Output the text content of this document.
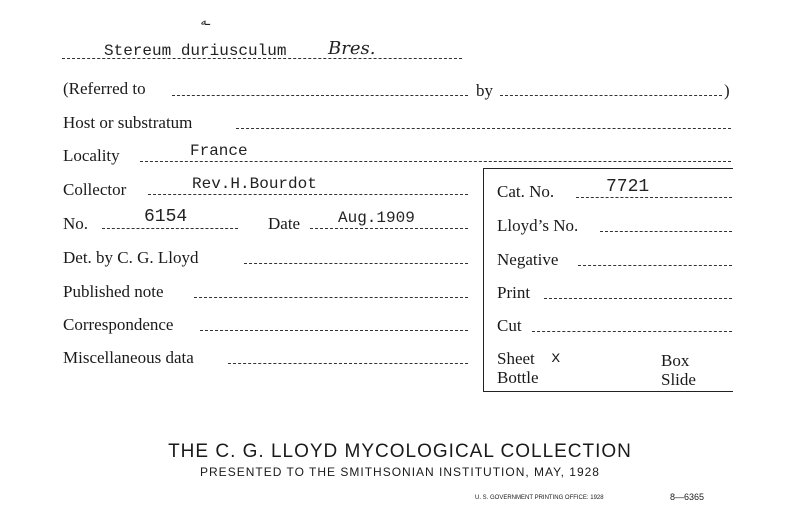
ـه
Stereum duriusculum Bres.
(Referred to	by	)
Host or substratum
Locality	France
Collector	Rev.H.Bourdot
No.	6154	Date Aug.1909
Det. by C. G. Lloyd
Published note
Correspondence
Miscellaneous data
Cat. No.	7721
Lloyd’s No.
Negative
Print
Cut
Sheet x	Box
Bottle	Slide
THE C. G. LLOYD MYCOLOGICAL COLLECTION
PRESENTED TO THE SMITHSONIAN INSTITUTION, MAY, 1928
U. S. GOVERNMENT PRINTING OFFICE: 1928	8—6365
